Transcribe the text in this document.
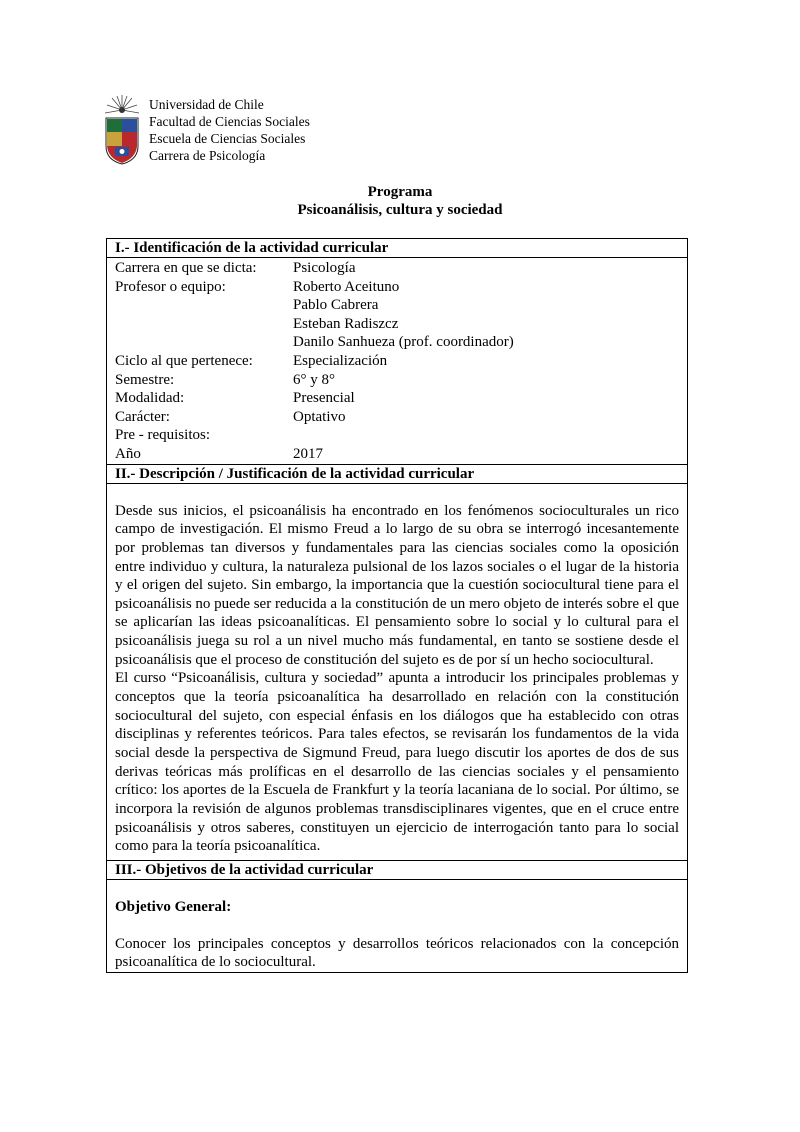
Universidad de Chile
Facultad de Ciencias Sociales
Escuela de Ciencias Sociales
Carrera de Psicología
Programa
Psicoanálisis, cultura y sociedad
I.- Identificación de la actividad curricular
Carrera en que se dicta:	Psicología
Profesor o equipo:	Roberto Aceituno
Pablo Cabrera
Esteban Radiszcz
Danilo Sanhueza (prof. coordinador)
Ciclo al que pertenece:	Especialización
Semestre:	6° y 8°
Modalidad:	Presencial
Carácter:	Optativo
Pre - requisitos:
Año	2017
II.- Descripción / Justificación de la actividad curricular
Desde sus inicios, el psicoanálisis ha encontrado en los fenómenos socioculturales un rico campo de investigación. El mismo Freud a lo largo de su obra se interrogó incesantemente por problemas tan diversos y fundamentales para las ciencias sociales como la oposición entre individuo y cultura, la naturaleza pulsional de los lazos sociales o el lugar de la historia y el origen del sujeto. Sin embargo, la importancia que la cuestión sociocultural tiene para el psicoanálisis no puede ser reducida a la constitución de un mero objeto de interés sobre el que se aplicarían las ideas psicoanalíticas. El pensamiento sobre lo social y lo cultural para el psicoanálisis juega su rol a un nivel mucho más fundamental, en tanto se sostiene desde el psicoanálisis que el proceso de constitución del sujeto es de por sí un hecho sociocultural.
El curso “Psicoanálisis, cultura y sociedad” apunta a introducir los principales problemas y conceptos que la teoría psicoanalítica ha desarrollado en relación con la constitución sociocultural del sujeto, con especial énfasis en los diálogos que ha establecido con otras disciplinas y referentes teóricos. Para tales efectos, se revisarán los fundamentos de la vida social desde la perspectiva de Sigmund Freud, para luego discutir los aportes de dos de sus derivas teóricas más prolíficas en el desarrollo de las ciencias sociales y el pensamiento crítico: los aportes de la Escuela de Frankfurt y la teoría lacaniana de lo social. Por último, se incorpora la revisión de algunos problemas transdisciplinares vigentes, que en el cruce entre psicoanálisis y otros saberes, constituyen un ejercicio de interrogación tanto para lo social como para la teoría psicoanalítica.
III.- Objetivos de la actividad curricular
Objetivo General:
Conocer los principales conceptos y desarrollos teóricos relacionados con la concepción psicoanalítica de lo sociocultural.
